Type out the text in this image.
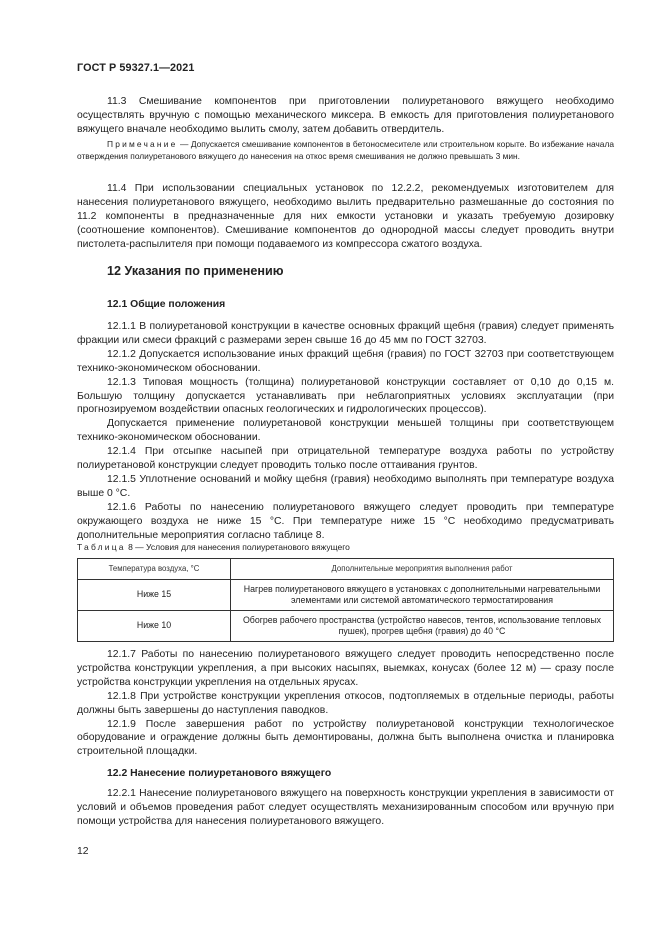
ГОСТ Р 59327.1—2021

11.3 Смешивание компонентов при приготовлении полиуретанового вяжущего необходимо осуществлять вручную с помощью механического миксера. В емкость для приготовления полиуретанового вяжущего вначале необходимо вылить смолу, затем добавить отвердитель.

Примечание — Допускается смешивание компонентов в бетоносмесителе или строительном корыте. Во избежание начала отверждения полиуретанового вяжущего до нанесения на откос время смешивания не должно превышать 3 мин.

11.4 При использовании специальных установок по 12.2.2, рекомендуемых изготовителем для нанесения полиуретанового вяжущего, необходимо вылить предварительно размешанные до состояния по 11.2 компоненты в предназначенные для них емкости установки и указать требуемую дозировку (соотношение компонентов). Смешивание компонентов до однородной массы следует проводить внутри пистолета-распылителя при помощи подаваемого из компрессора сжатого воздуха.

12 Указания по применению
12.1 Общие положения

12.1.1 В полиуретановой конструкции в качестве основных фракций щебня (гравия) следует применять фракции или смеси фракций с размерами зерен свыше 16 до 45 мм по ГОСТ 32703.

12.1.2 Допускается использование иных фракций щебня (гравия) по ГОСТ 32703 при соответствующем технико-экономическом обосновании.

12.1.3 Типовая мощность (толщина) полиуретановой конструкции составляет от 0,10 до 0,15 м. Большую толщину допускается устанавливать при неблагоприятных условиях эксплуатации (при прогнозируемом воздействии опасных геологических и гидрологических процессов).

Допускается применение полиуретановой конструкции меньшей толщины при соответствующем технико-экономическом обосновании.

12.1.4 При отсыпке насыпей при отрицательной температуре воздуха работы по устройству полиуретановой конструкции следует проводить только после оттаивания грунтов.

12.1.5 Уплотнение оснований и мойку щебня (гравия) необходимо выполнять при температуре воздуха выше 0 °С.

12.1.6 Работы по нанесению полиуретанового вяжущего следует проводить при температуре окружающего воздуха не ниже 15 °С. При температуре ниже 15 °С необходимо предусматривать дополнительные мероприятия согласно таблице 8.

Таблица 8 — Условия для нанесения полиуретанового вяжущего
Температура воздуха, °С	Дополнительные мероприятия выполнения работ
Ниже 15	Нагрев полиуретанового вяжущего в установках с дополнительными нагревательными элементами или системой автоматического термостатирования
Ниже 10	Обогрев рабочего пространства (устройство навесов, тентов, использование тепловых пушек), прогрев щебня (гравия) до 40 °С

12.1.7 Работы по нанесению полиуретанового вяжущего следует проводить непосредственно после устройства конструкции укрепления, а при высоких насыпях, выемках, конусах (более 12 м) — сразу после устройства конструкции укрепления на отдельных ярусах.

12.1.8 При устройстве конструкции укрепления откосов, подтопляемых в отдельные периоды, работы должны быть завершены до наступления паводков.

12.1.9 После завершения работ по устройству полиуретановой конструкции технологическое оборудование и ограждение должны быть демонтированы, должна быть выполнена очистка и планировка строительной площадки.

12.2 Нанесение полиуретанового вяжущего

12.2.1 Нанесение полиуретанового вяжущего на поверхность конструкции укрепления в зависимости от условий и объемов проведения работ следует осуществлять механизированным способом или вручную при помощи устройства для нанесения полиуретанового вяжущего.

12
